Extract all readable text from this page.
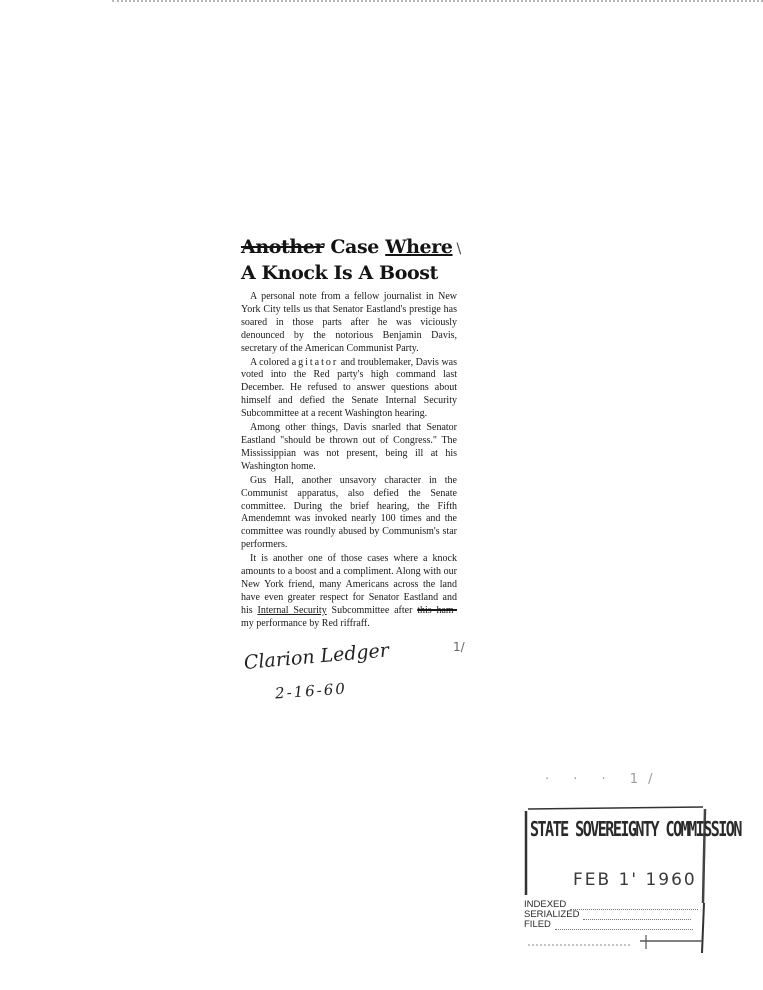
Another Case Where \
A Knock Is A Boost

A personal note from a fellow journalist in New York City tells us that Senator Eastland's prestige has soared in those parts after he was viciously denounced by the notorious Benjamin Davis, secretary of the American Communist Party.

A colored agitator and troublemaker, Davis was voted into the Red party's high command last December. He refused to answer questions about himself and defied the Senate Internal Security Subcommittee at a recent Washington hearing.

Among other things, Davis snarled that Senator Eastland "should be thrown out of Congress." The Mississippian was not present, being ill at his Washington home.

Gus Hall, another unsavory character in the Communist apparatus, also defied the Senate committee. During the brief hearing, the Fifth Amendemnt was invoked nearly 100 times and the committee was roundly abused by Communism's star performers.

It is another one of those cases where a knock amounts to a boost and a compliment. Along with our New York friend, many Americans across the land have even greater respect for Senator Eastland and his Internal Security Subcommittee after this ham- my performance by Red riffraff.

1/
Clarion Ledger
2-16-60
· · · 1/
STATE SOVEREIGNTY COMMISSION
FEB 1' 1960
INDEXED
SERIALIZED
FILED
